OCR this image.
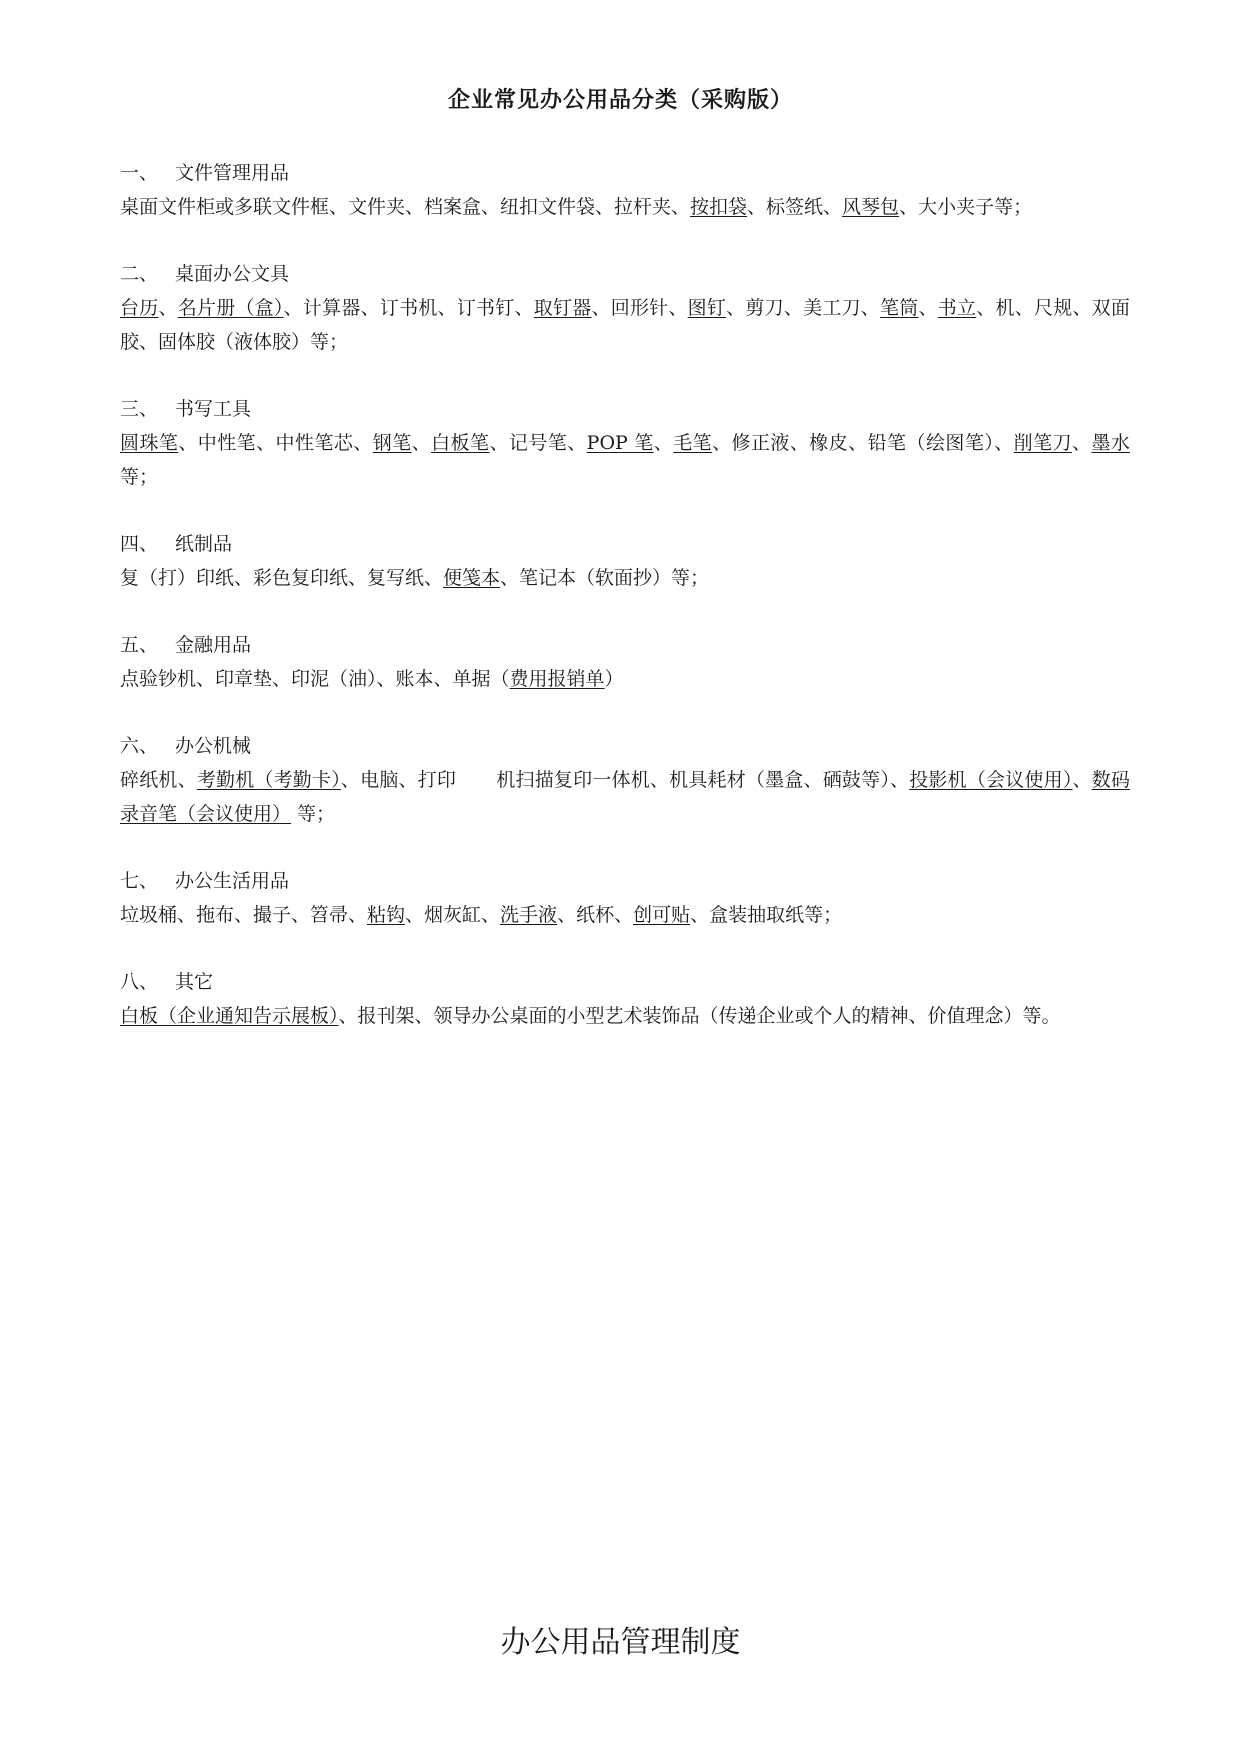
企业常见办公用品分类（采购版）
一、 文件管理用品
桌面文件柜或多联文件框、文件夹、档案盒、纽扣文件袋、拉杆夹、按扣袋、标签纸、风琴包、大小夹子等；
二、 桌面办公文具
台历、名片册（盒）、计算器、订书机、订书钉、取钉器、回形针、图钉、剪刀、美工刀、笔筒、书立、机、尺规、双面胶、固体胶（液体胶）等；
三、 书写工具
圆珠笔、中性笔、中性笔芯、钢笔、白板笔、记号笔、POP 笔、毛笔、修正液、橡皮、铅笔（绘图笔）、削笔刀、墨水等；
四、 纸制品
复（打）印纸、彩色复印纸、复写纸、便笺本、笔记本（软面抄）等；
五、 金融用品
点验钞机、印章垫、印泥（油）、账本、单据（费用报销单）
六、 办公机械
碎纸机、考勤机（考勤卡）、电脑、打印 机扫描复印一体机、机具耗材（墨盒、硒鼓等）、投影机（会议使用）、数码录音笔（会议使用） 等；
七、 办公生活用品
垃圾桶、拖布、撮子、笤帚、粘钩、烟灰缸、洗手液、纸杯、创可贴、盒装抽取纸等；
八、 其它
白板（企业通知告示展板）、报刊架、领导办公桌面的小型艺术装饰品（传递企业或个人的精神、价值理念）等。
办公用品管理制度
